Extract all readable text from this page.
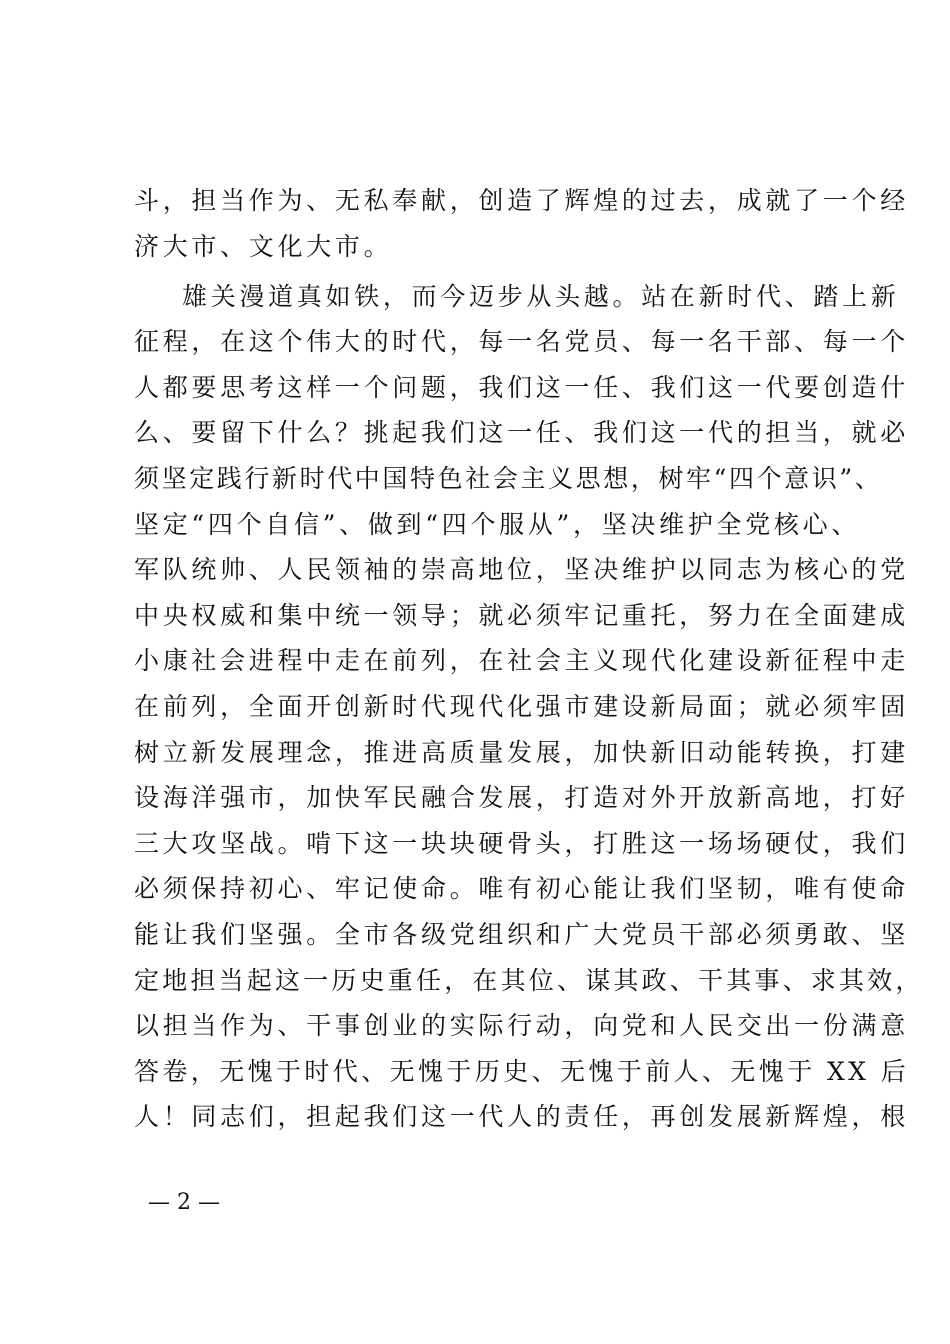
斗，担当作为、无私奉献，创造了辉煌的过去，成就了一个经
济大市、文化大市。
雄关漫道真如铁，而今迈步从头越。站在新时代、踏上新
征程，在这个伟大的时代，每一名党员、每一名干部、每一个
人都要思考这样一个问题，我们这一任、我们这一代要创造什
么、要留下什么？挑起我们这一任、我们这一代的担当，就必
须坚定践行新时代中国特色社会主义思想，树牢“四个意识”、
坚定“四个自信”、做到“四个服从”，坚决维护全党核心、
军队统帅、人民领袖的崇高地位，坚决维护以同志为核心的党
中央权威和集中统一领导；就必须牢记重托，努力在全面建成
小康社会进程中走在前列，在社会主义现代化建设新征程中走
在前列，全面开创新时代现代化强市建设新局面；就必须牢固
树立新发展理念，推进高质量发展，加快新旧动能转换，打建
设海洋强市，加快军民融合发展，打造对外开放新高地，打好
三大攻坚战。啃下这一块块硬骨头，打胜这一场场硬仗，我们
必须保持初心、牢记使命。唯有初心能让我们坚韧，唯有使命
能让我们坚强。全市各级党组织和广大党员干部必须勇敢、坚
定地担当起这一历史重任，在其位、谋其政、干其事、求其效，
以担当作为、干事创业的实际行动，向党和人民交出一份满意
答卷，无愧于时代、无愧于历史、无愧于前人、无愧于 XX 后
人！同志们，担起我们这一代人的责任，再创发展新辉煌，根
— 2 —
